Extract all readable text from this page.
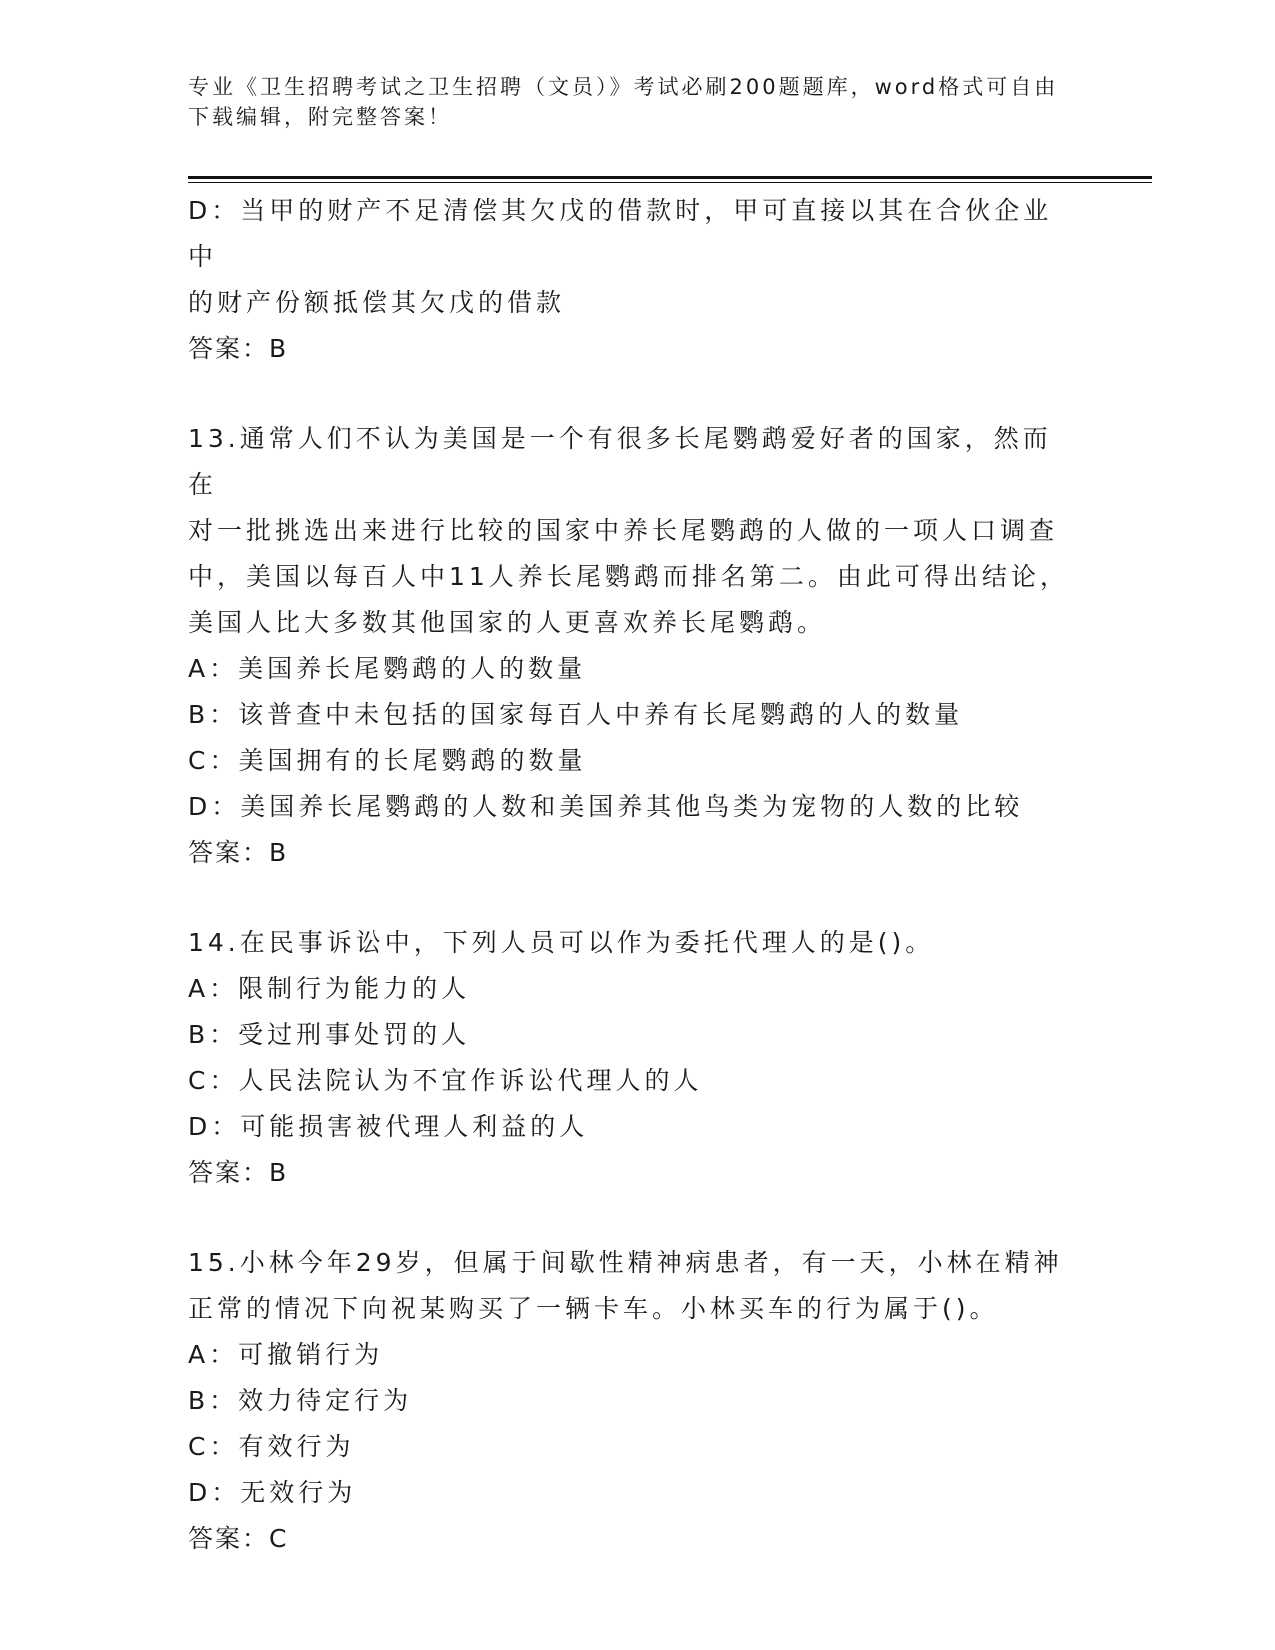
专业《卫生招聘考试之卫生招聘（文员）》考试必刷200题题库，word格式可自由下载编辑，附完整答案！
D：当甲的财产不足清偿其欠戊的借款时，甲可直接以其在合伙企业中
的财产份额抵偿其欠戊的借款
答案：B
13.通常人们不认为美国是一个有很多长尾鹦鹉爱好者的国家，然而在
对一批挑选出来进行比较的国家中养长尾鹦鹉的人做的一项人口调查
中，美国以每百人中11人养长尾鹦鹉而排名第二。由此可得出结论，
美国人比大多数其他国家的人更喜欢养长尾鹦鹉。
A：美国养长尾鹦鹉的人的数量
B：该普查中未包括的国家每百人中养有长尾鹦鹉的人的数量
C：美国拥有的长尾鹦鹉的数量
D：美国养长尾鹦鹉的人数和美国养其他鸟类为宠物的人数的比较
答案：B
14.在民事诉讼中，下列人员可以作为委托代理人的是()。
A：限制行为能力的人
B：受过刑事处罚的人
C：人民法院认为不宜作诉讼代理人的人
D：可能损害被代理人利益的人
答案：B
15.小林今年29岁，但属于间歇性精神病患者，有一天，小林在精神
正常的情况下向祝某购买了一辆卡车。小林买车的行为属于()。
A：可撤销行为
B：效力待定行为
C：有效行为
D：无效行为
答案：C
